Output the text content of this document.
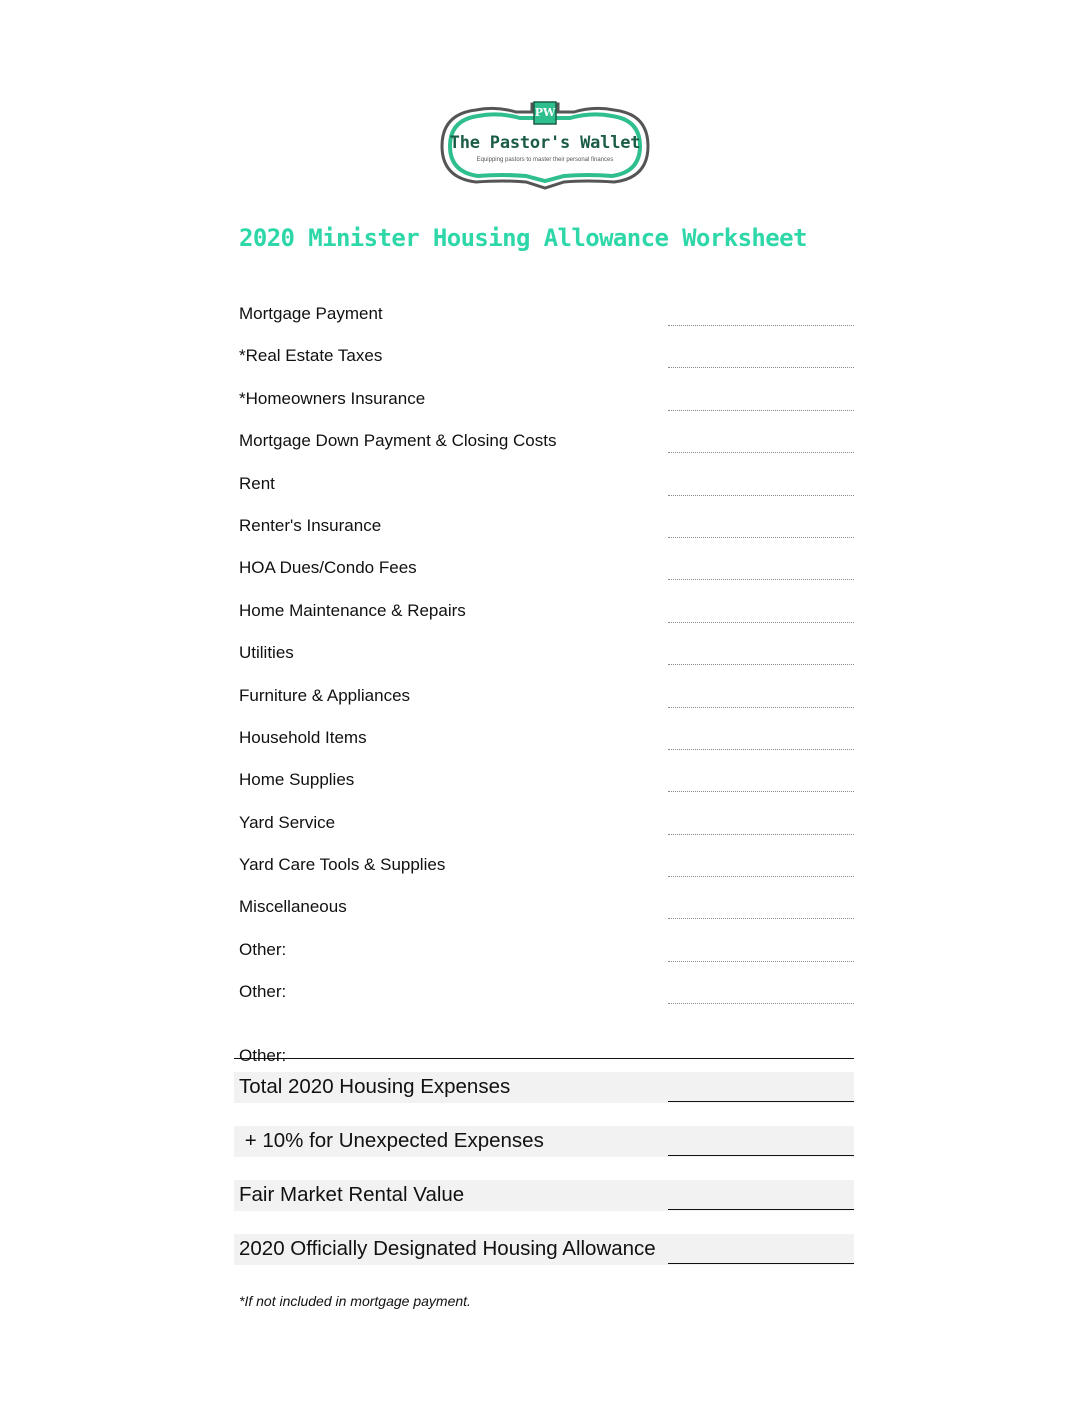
PW
The Pastor's Wallet
Equipping pastors to master their personal finances
2020 Minister Housing Allowance Worksheet
Mortgage Payment
*Real Estate Taxes
*Homeowners Insurance
Mortgage Down Payment & Closing Costs
Rent
Renter's Insurance
HOA Dues/Condo Fees
Home Maintenance & Repairs
Utilities
Furniture & Appliances
Household Items
Home Supplies
Yard Service
Yard Care Tools & Supplies
Miscellaneous
Other:
Other:
Other:
Total 2020 Housing Expenses
+ 10% for Unexpected Expenses
Fair Market Rental Value
2020 Officially Designated Housing Allowance
*If not included in mortgage payment.
